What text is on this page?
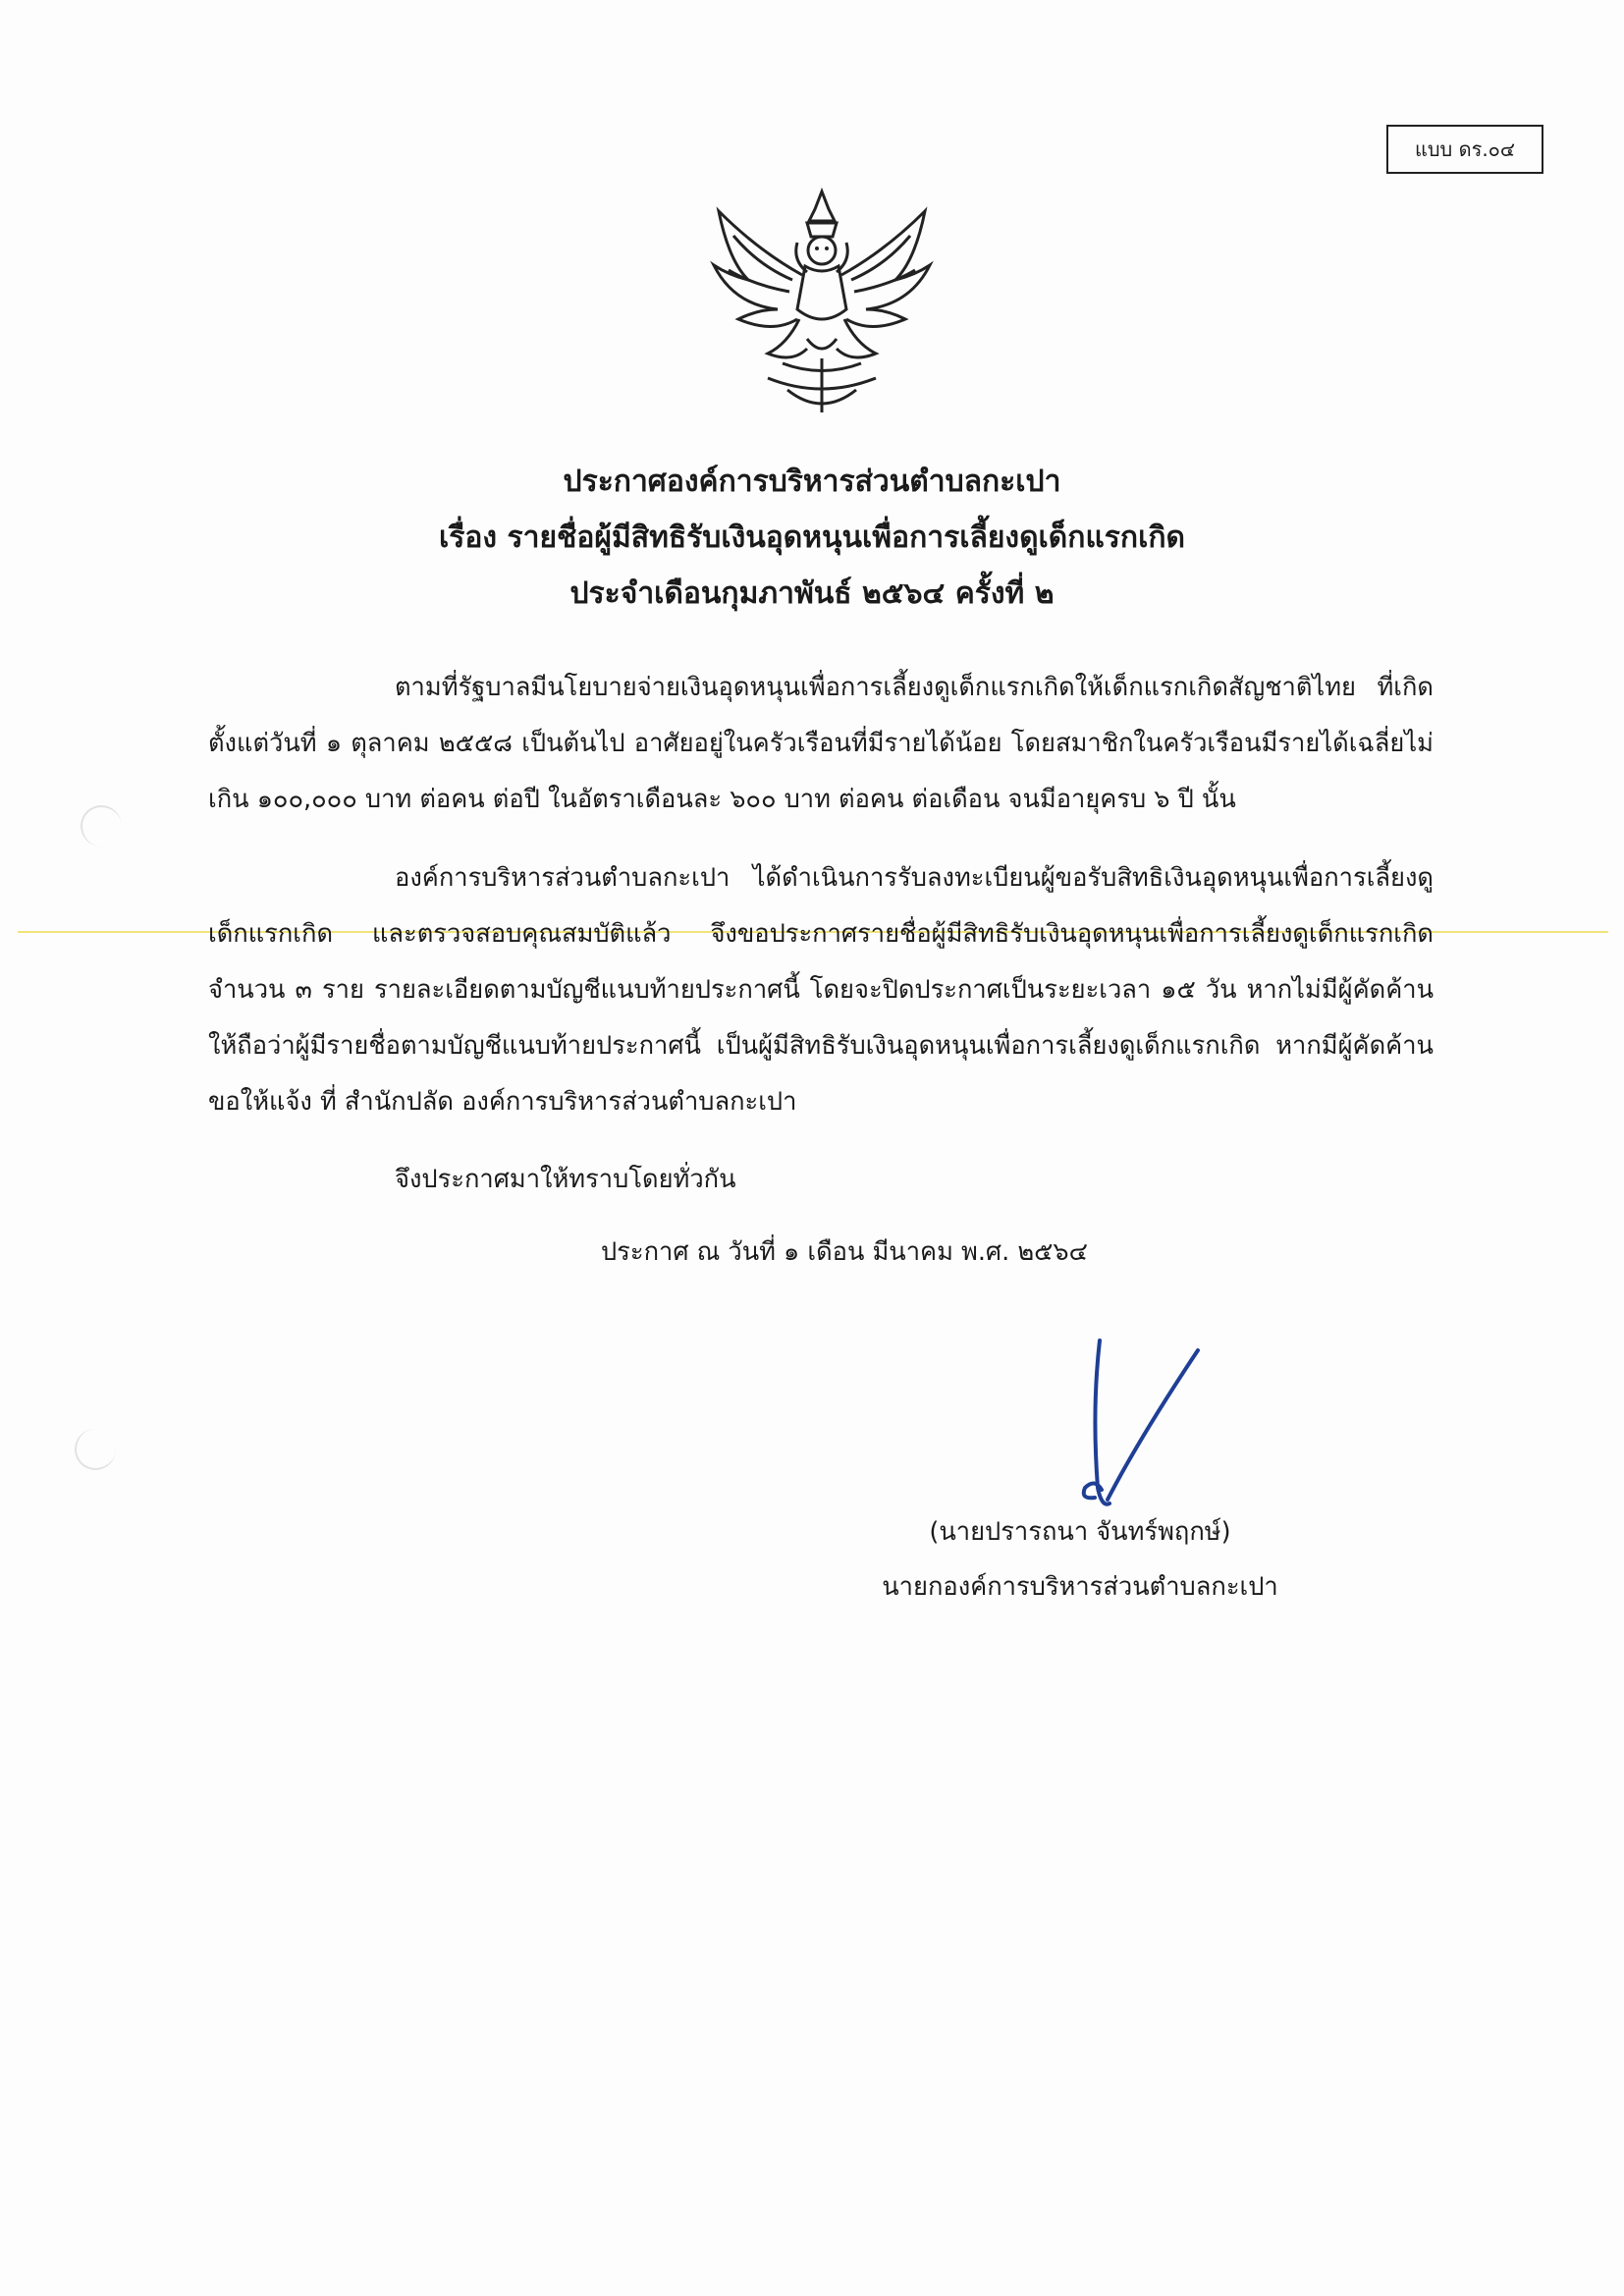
แบบ ดร.๐๔
ประกาศองค์การบริหารส่วนตำบลกะเปา
เรื่อง รายชื่อผู้มีสิทธิรับเงินอุดหนุนเพื่อการเลี้ยงดูเด็กแรกเกิด
ประจำเดือนกุมภาพันธ์ ๒๕๖๔ ครั้งที่ ๒
ตามที่รัฐบาลมีนโยบายจ่ายเงินอุดหนุนเพื่อการเลี้ยงดูเด็กแรกเกิดให้เด็กแรกเกิดสัญชาติไทย ที่เกิดตั้งแต่วันที่ ๑ ตุลาคม ๒๕๕๘ เป็นต้นไป อาศัยอยู่ในครัวเรือนที่มีรายได้น้อย โดยสมาชิกในครัวเรือนมีรายได้เฉลี่ยไม่เกิน ๑๐๐,๐๐๐ บาท ต่อคน ต่อปี ในอัตราเดือนละ ๖๐๐ บาท ต่อคน ต่อเดือน จนมีอายุครบ ๖ ปี นั้น
องค์การบริหารส่วนตำบลกะเปา ได้ดำเนินการรับลงทะเบียนผู้ขอรับสิทธิเงินอุดหนุนเพื่อการเลี้ยงดูเด็กแรกเกิด และตรวจสอบคุณสมบัติแล้ว จึงขอประกาศรายชื่อผู้มีสิทธิรับเงินอุดหนุนเพื่อการเลี้ยงดูเด็กแรกเกิด จำนวน ๓ ราย รายละเอียดตามบัญชีแนบท้ายประกาศนี้ โดยจะปิดประกาศเป็นระยะเวลา ๑๕ วัน หากไม่มีผู้คัดค้าน ให้ถือว่าผู้มีรายชื่อตามบัญชีแนบท้ายประกาศนี้ เป็นผู้มีสิทธิรับเงินอุดหนุนเพื่อการเลี้ยงดูเด็กแรกเกิด หากมีผู้คัดค้านขอให้แจ้ง ที่ สำนักปลัด องค์การบริหารส่วนตำบลกะเปา
จึงประกาศมาให้ทราบโดยทั่วกัน
ประกาศ ณ วันที่ ๑ เดือน มีนาคม พ.ศ. ๒๕๖๔
(นายปรารถนา จันทร์พฤกษ์)
นายกองค์การบริหารส่วนตำบลกะเปา
